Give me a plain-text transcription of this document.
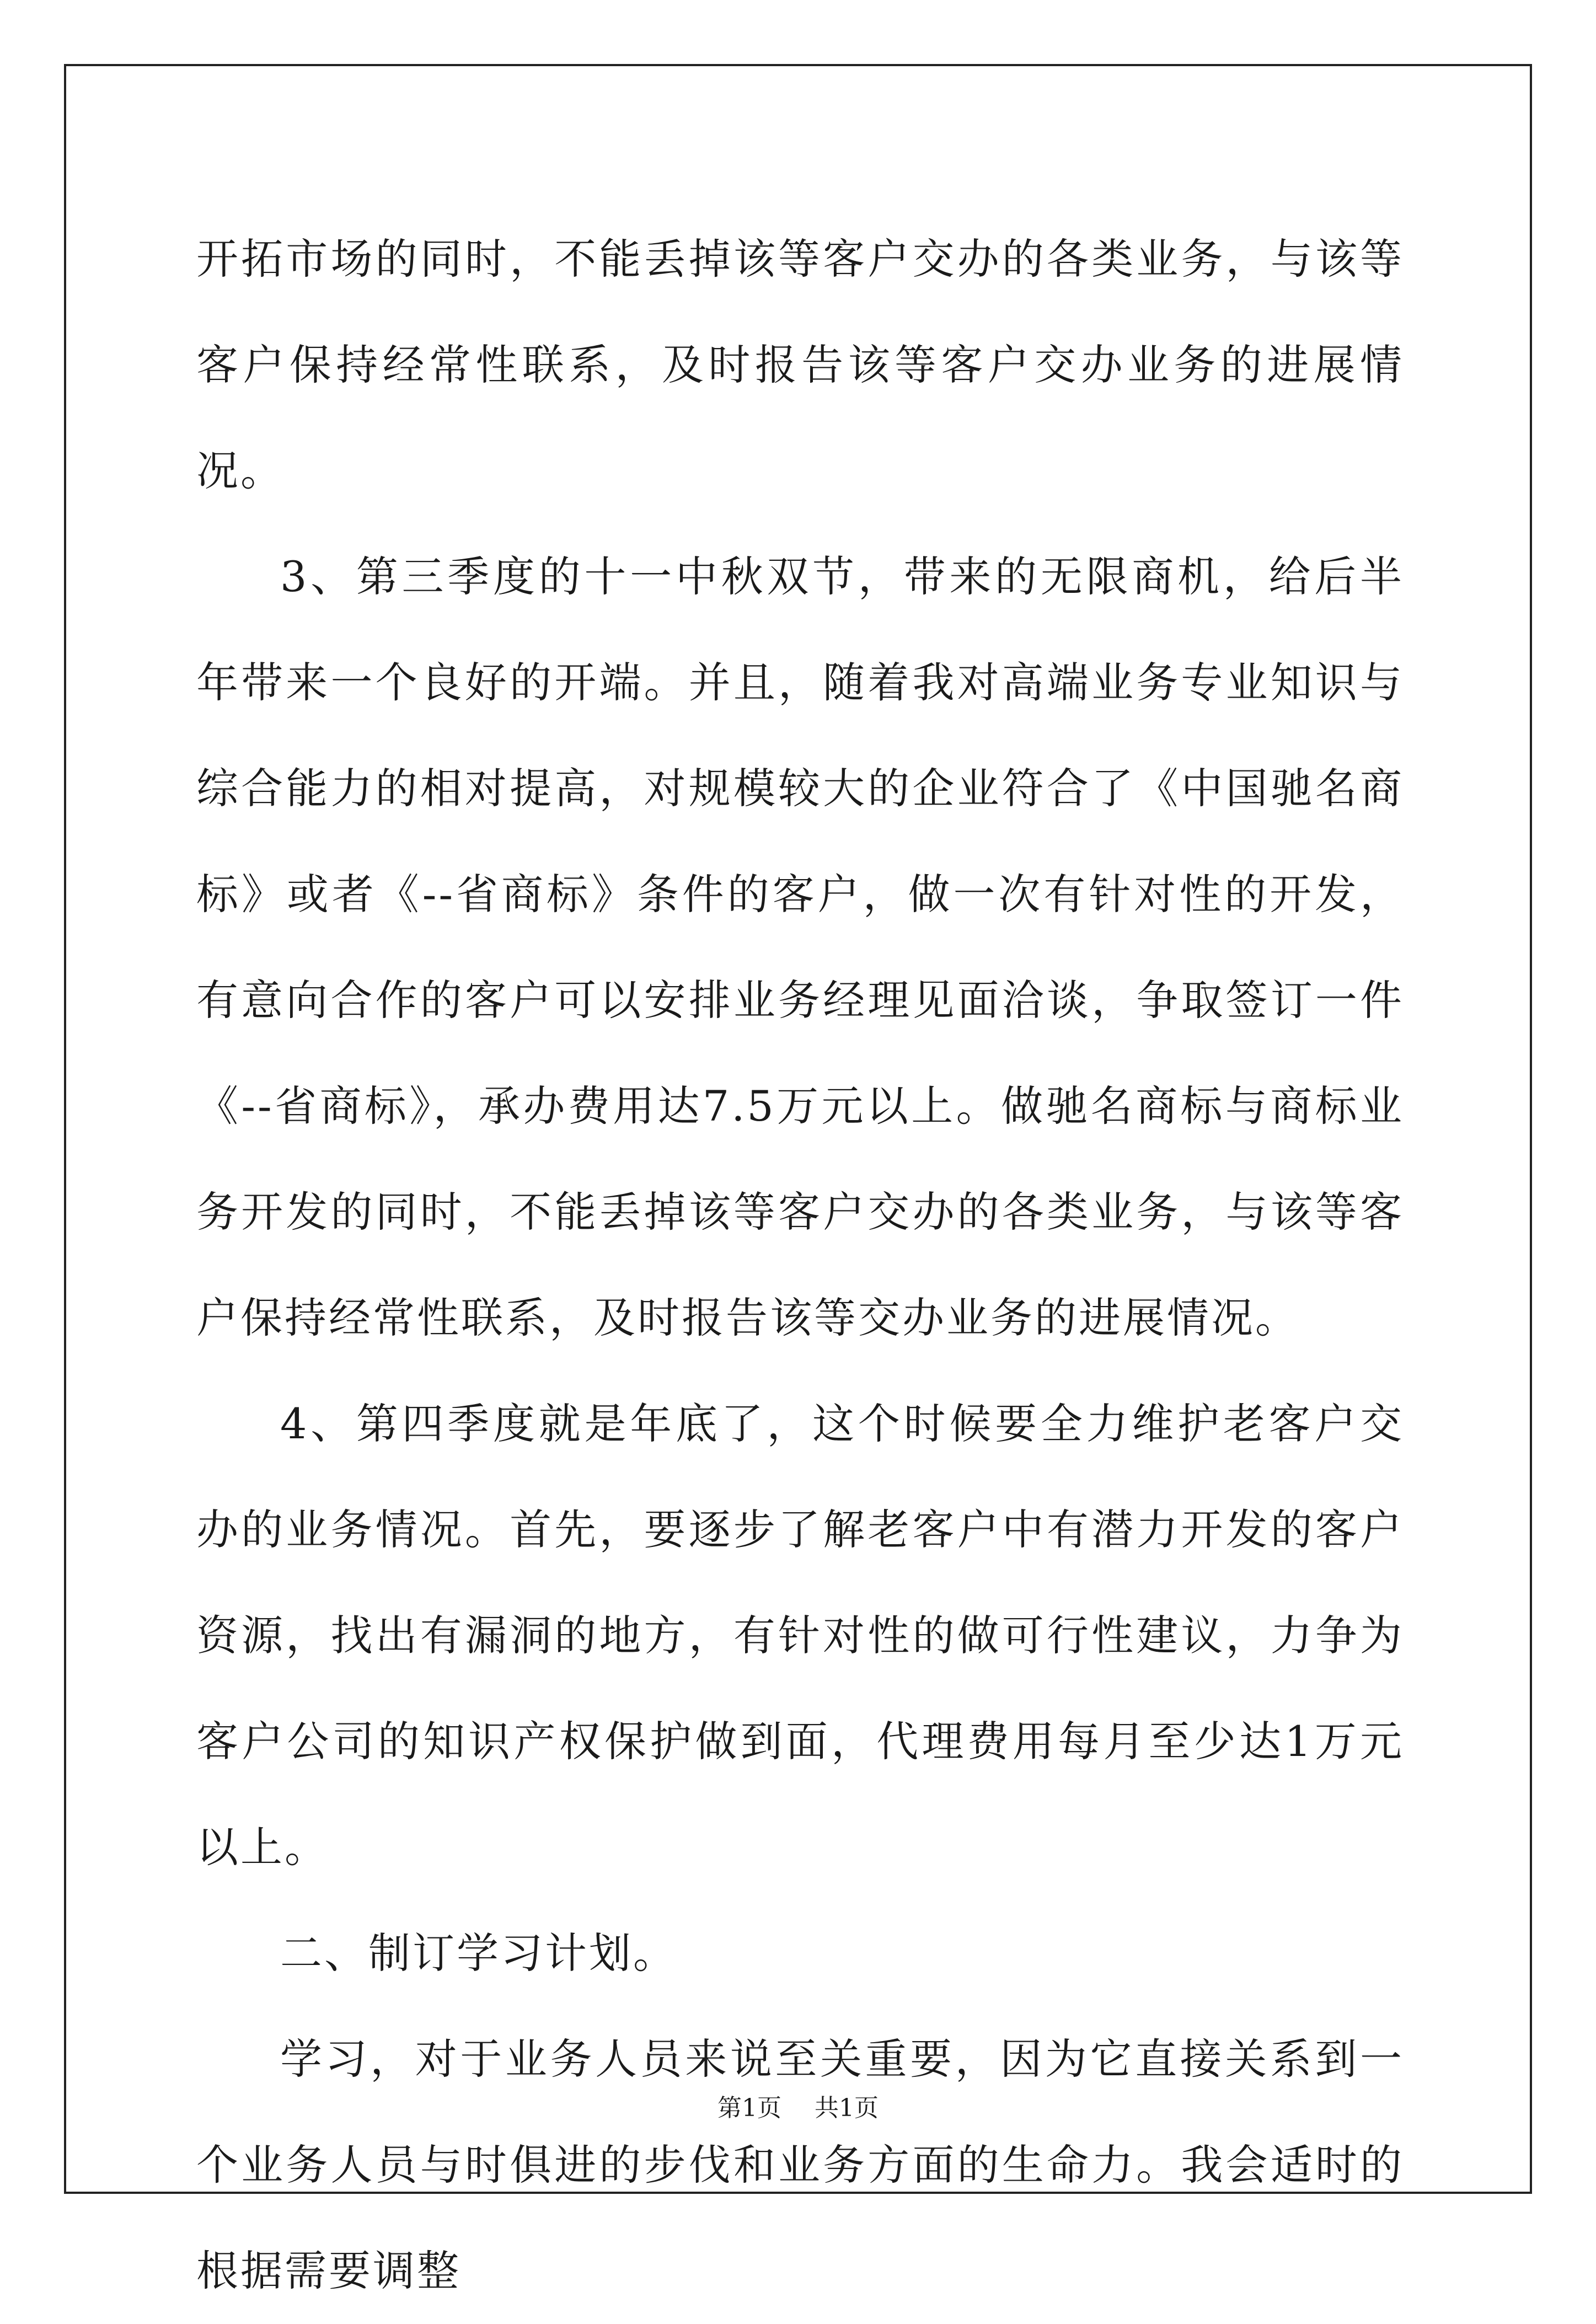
开拓市场的同时，不能丢掉该等客户交办的各类业务，与该等客户保持经常性联系，及时报告该等客户交办业务的进展情况。

3、第三季度的十一中秋双节，带来的无限商机，给后半年带来一个良好的开端。并且，随着我对高端业务专业知识与综合能力的相对提高，对规模较大的企业符合了《中国驰名商标》或者《--省商标》条件的客户，做一次有针对性的开发，有意向合作的客户可以安排业务经理见面洽谈，争取签订一件《--省商标》，承办费用达7.5万元以上。做驰名商标与商标业务开发的同时，不能丢掉该等客户交办的各类业务，与该等客户保持经常性联系，及时报告该等交办业务的进展情况。

4、第四季度就是年底了，这个时候要全力维护老客户交办的业务情况。首先，要逐步了解老客户中有潜力开发的客户资源，找出有漏洞的地方，有针对性的做可行性建议，力争为客户公司的知识产权保护做到面，代理费用每月至少达1万元以上。

二、制订学习计划。

学习，对于业务人员来说至关重要，因为它直接关系到一个业务人员与时俱进的步伐和业务方面的生命力。我会适时的根据需要调整

第1页 共1页
